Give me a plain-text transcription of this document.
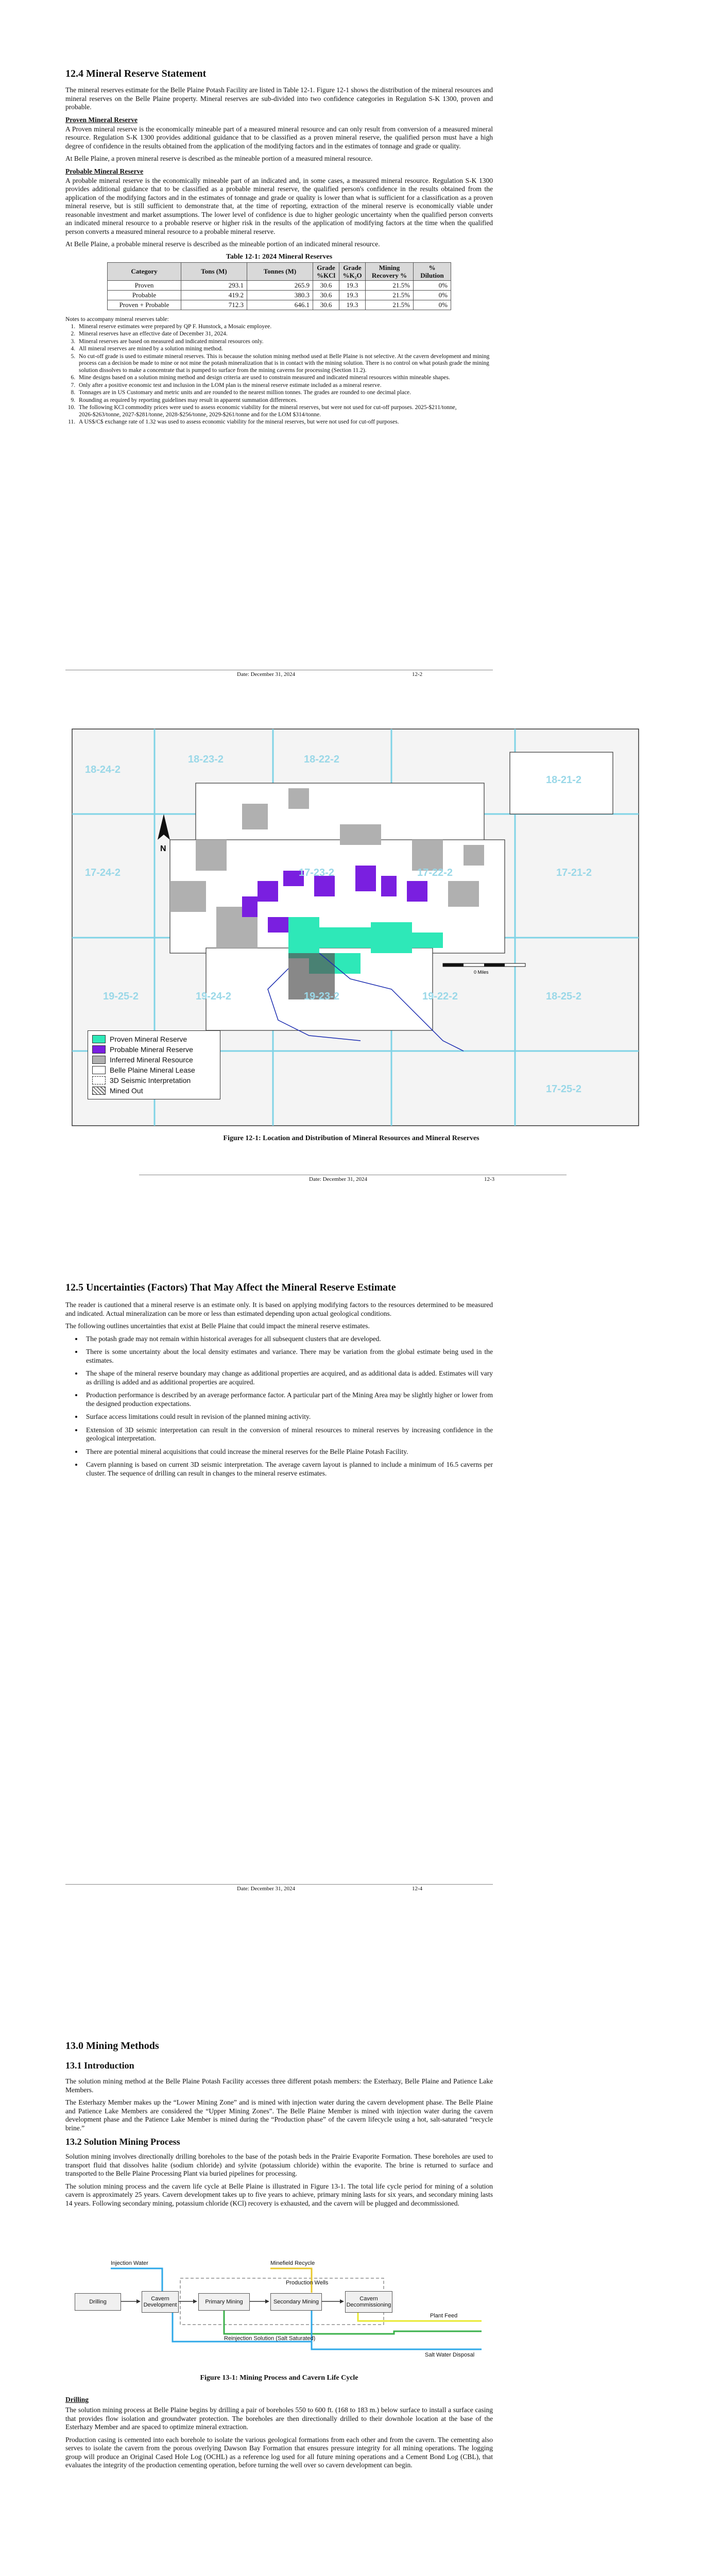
12.4 Mineral Reserve Statement

The mineral reserves estimate for the Belle Plaine Potash Facility are listed in Table 12-1. Figure 12-1 shows the distribution of the mineral resources and mineral reserves on the Belle Plaine property. Mineral reserves are sub-divided into two confidence categories in Regulation S-K 1300, proven and probable.

Proven Mineral Reserve

A Proven mineral reserve is the economically mineable part of a measured mineral resource and can only result from conversion of a measured mineral resource. Regulation S-K 1300 provides additional guidance that to be classified as a proven mineral reserve, the qualified person must have a high degree of confidence in the results obtained from the application of the modifying factors and in the estimates of tonnage and grade or quality.

At Belle Plaine, a proven mineral reserve is described as the mineable portion of a measured mineral resource.

Probable Mineral Reserve

A probable mineral reserve is the economically mineable part of an indicated and, in some cases, a measured mineral resource. Regulation S-K 1300 provides additional guidance that to be classified as a probable mineral reserve, the qualified person's confidence in the results obtained from the application of the modifying factors and in the estimates of tonnage and grade or quality is lower than what is sufficient for a classification as a proven mineral reserve, but is still sufficient to demonstrate that, at the time of reporting, extraction of the mineral reserve is economically viable under reasonable investment and market assumptions. The lower level of confidence is due to higher geologic uncertainty when the qualified person converts an indicated mineral resource to a probable reserve or higher risk in the results of the application of modifying factors at the time when the qualified person converts a measured mineral resource to a probable mineral reserve.

At Belle Plaine, a probable mineral reserve is described as the mineable portion of an indicated mineral resource.

Table 12-1: 2024 Mineral Reserves
Category	Tons (M)	Tonnes (M)	Grade %KCl	Grade %K₂O	Mining Recovery %	% Dilution
Proven	293.1	265.9	30.6	19.3	21.5%	0%
Probable	419.2	380.3	30.6	19.3	21.5%	0%
Proven + Probable	712.3	646.1	30.6	19.3	21.5%	0%
Notes to accompany mineral reserves table:
1. Mineral reserve estimates were prepared by QP F. Hunstock, a Mosaic employee.
2. Mineral reserves have an effective date of December 31, 2024.
3. Mineral reserves are based on measured and indicated mineral resources only.
4. All mineral reserves are mined by a solution mining method.
5. No cut-off grade is used to estimate mineral reserves. This is because the solution mining method used at Belle Plaine is not selective. At the cavern development and mining process can a decision be made to mine or not mine the potash mineralization that is in contact with the mining solution. There is no control on what potash grade the mining solution dissolves to make a concentrate that is pumped to surface from the mining caverns for processing (Section 11.2).
6. Mine designs based on a solution mining method and design criteria are used to constrain measured and indicated mineral resources within mineable shapes.
7. Only after a positive economic test and inclusion in the LOM plan is the mineral reserve estimate included as a mineral reserve.
8. Tonnages are in US Customary and metric units and are rounded to the nearest million tonnes. The grades are rounded to one decimal place.
9. Rounding as required by reporting guidelines may result in apparent summation differences.
10. The following KCl commodity prices were used to assess economic viability for the mineral reserves, but were not used for cut-off purposes. 2025-$211/tonne, 2026-$263/tonne, 2027-$281/tonne, 2028-$256/tonne, 2029-$261/tonne and for the LOM $314/tonne.
11. A US$/C$ exchange rate of 1.32 was used to assess economic viability for the mineral reserves, but were not used for cut-off purposes.
Date: December 31, 2024	12-2
18-24-2
18-23-2	18-22-2
18-21-2
17-24-2	17-23-2	17-22-2	17-21-2
19-25-2	19-24-2	19-23-2	19-22-2	18-25-2
17-25-2
N
0 Miles
Proven Mineral Reserve
Probable Mineral Reserve
Inferred Mineral Resource
Belle Plaine Mineral Lease
3D Seismic Interpretation
Mined Out
Figure 12-1: Location and Distribution of Mineral Resources and Mineral Reserves
Date: December 31, 2024	12-3
12.5 Uncertainties (Factors) That May Affect the Mineral Reserve Estimate

The reader is cautioned that a mineral reserve is an estimate only. It is based on applying modifying factors to the resources determined to be measured and indicated. Actual mineralization can be more or less than estimated depending upon actual geological conditions.

The following outlines uncertainties that exist at Belle Plaine that could impact the mineral reserve estimates.

• The potash grade may not remain within historical averages for all subsequent clusters that are developed.
• There is some uncertainty about the local density estimates and variance. There may be variation from the global estimate being used in the estimates.
• The shape of the mineral reserve boundary may change as additional properties are acquired, and as additional data is added. Estimates will vary as drilling is added and as additional properties are acquired.
• Production performance is described by an average performance factor. A particular part of the Mining Area may be slightly higher or lower from the designed production expectations.
• Surface access limitations could result in revision of the planned mining activity.
• Extension of 3D seismic interpretation can result in the conversion of mineral resources to mineral reserves by increasing confidence in the geological interpretation.
• There are potential mineral acquisitions that could increase the mineral reserves for the Belle Plaine Potash Facility.
• Cavern planning is based on current 3D seismic interpretation. The average cavern layout is planned to include a minimum of 16.5 caverns per cluster. The sequence of drilling can result in changes to the mineral reserve estimates.
Date: December 31, 2024	12-4
13.0 Mining Methods
13.1 Introduction

The solution mining method at the Belle Plaine Potash Facility accesses three different potash members: the Esterhazy, Belle Plaine and Patience Lake Members.

The Esterhazy Member makes up the “Lower Mining Zone” and is mined with injection water during the cavern development phase. The Belle Plaine and Patience Lake Members are considered the “Upper Mining Zones”. The Belle Plaine Member is mined with injection water during the cavern development phase and the Patience Lake Member is mined during the “Production phase” of the cavern lifecycle using a hot, salt-saturated “recycle brine.”

13.2 Solution Mining Process

Solution mining involves directionally drilling boreholes to the base of the potash beds in the Prairie Evaporite Formation. These boreholes are used to transport fluid that dissolves halite (sodium chloride) and sylvite (potassium chloride) within the evaporite. The brine is returned to surface and transported to the Belle Plaine Processing Plant via buried pipelines for processing.

The solution mining process and the cavern life cycle at Belle Plaine is illustrated in Figure 13-1. The total life cycle period for mining of a solution cavern is approximately 25 years. Cavern development takes up to five years to achieve, primary mining lasts for six years, and secondary mining lasts 14 years. Following secondary mining, potassium chloride (KCl) recovery is exhausted, and the cavern will be plugged and decommissioned.

Injection Water	Minefield Recycle
Production Wells
Drilling	Cavern Development	Primary Mining	Secondary Mining	Cavern Decommissioning
Plant Feed
Reinjection Solution (Salt Saturated)
Salt Water Disposal
Figure 13-1: Mining Process and Cavern Life Cycle
Drilling

The solution mining process at Belle Plaine begins by drilling a pair of boreholes 550 to 600 ft. (168 to 183 m.) below surface to install a surface casing that provides flow isolation and groundwater protection. The boreholes are then directionally drilled to their downhole location at the base of the Esterhazy Member and are spaced to optimize mineral extraction.

Production casing is cemented into each borehole to isolate the various geological formations from each other and from the cavern. The cementing also serves to isolate the cavern from the porous overlying Dawson Bay Formation that ensures pressure integrity for all mining operations. The logging group will produce an Original Cased Hole Log (OCHL) as a reference log used for all future mining operations and a Cement Bond Log (CBL), that evaluates the integrity of the production cementing operation, before turning the well over so cavern development can begin.
